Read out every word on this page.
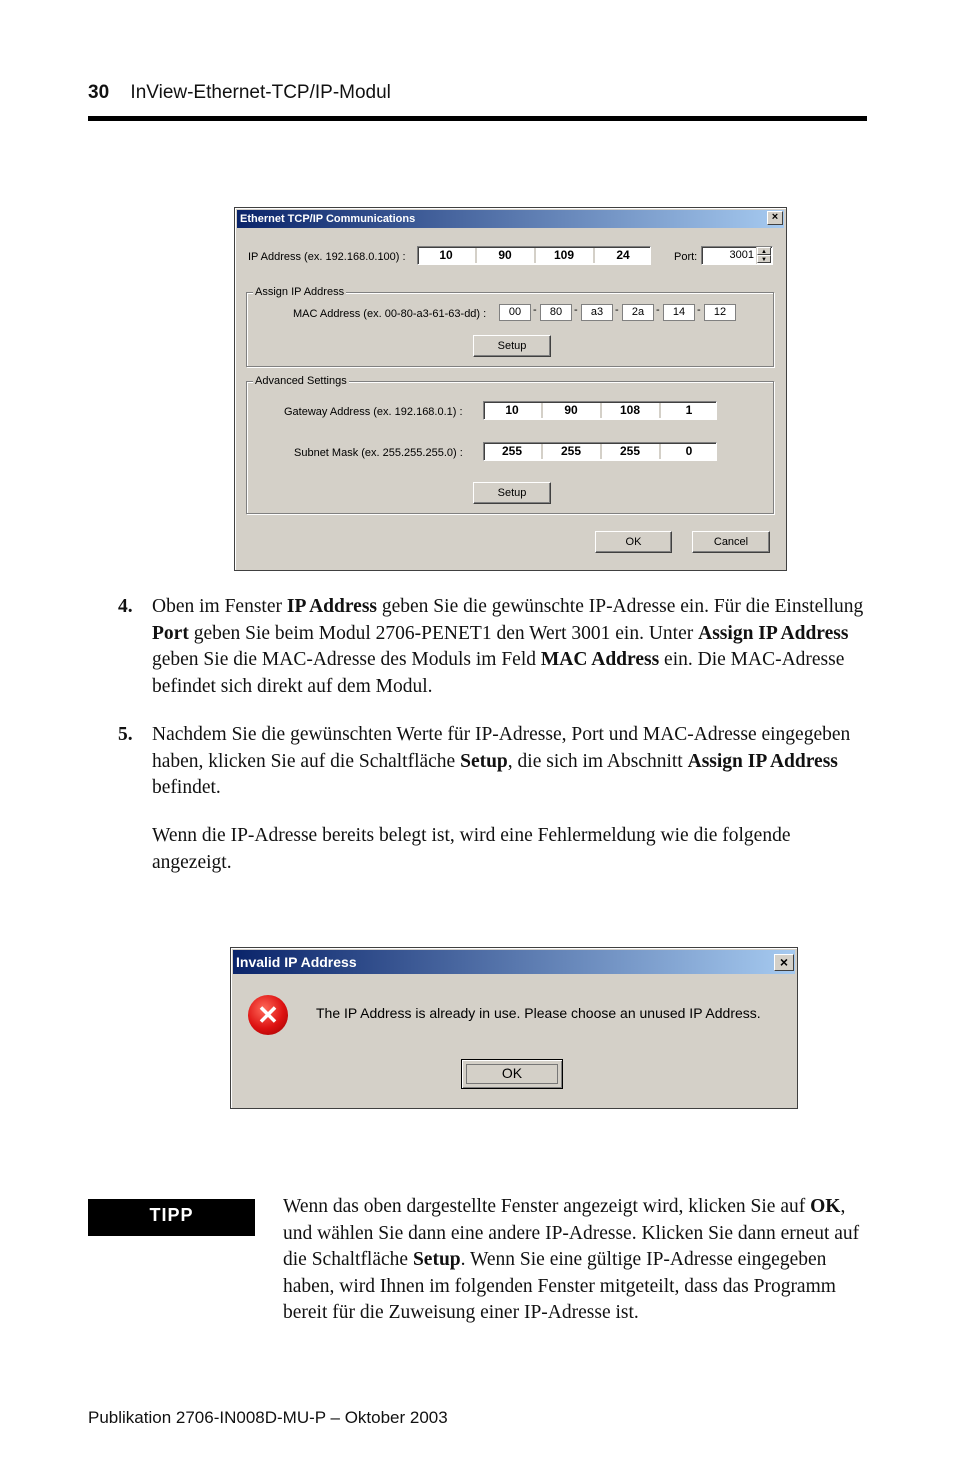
30 InView-Ethernet-TCP/IP-Modul
Ethernet TCP/IP Communications	×
IP Address (ex. 192.168.0.100) :	10	90	109	24	Port:	3001	▲
▼
Assign IP Address
MAC Address (ex. 00-80-a3-61-63-dd) :	00	-	80	-	a3	-	2a	-	14	-	12
Setup
Advanced Settings
Gateway Address (ex. 192.168.0.1) :	10	90	108	1
Subnet Mask (ex. 255.255.255.0) :	255	255	255	0
Setup
OK	Cancel
4. Oben im Fenster IP Address geben Sie die gewünschte IP-Adresse ein. Für die Einstellung Port geben Sie beim Modul 2706-PENET1 den Wert 3001 ein. Unter Assign IP Address geben Sie die MAC-Adresse des Moduls im Feld MAC Address ein. Die MAC-Adresse befindet sich direkt auf dem Modul.
5. Nachdem Sie die gewünschten Werte für IP-Adresse, Port und MAC-Adresse eingegeben haben, klicken Sie auf die Schaltfläche Setup, die sich im Abschnitt Assign IP Address befindet.
Wenn die IP-Adresse bereits belegt ist, wird eine Fehlermeldung wie die folgende angezeigt.
Invalid IP Address	×
✕	The IP Address is already in use. Please choose an unused IP Address.
OK
TIPP	Wenn das oben dargestellte Fenster angezeigt wird, klicken Sie auf OK, und wählen Sie dann eine andere IP-Adresse. Klicken Sie dann erneut auf die Schaltfläche Setup. Wenn Sie eine gültige IP-Adresse eingegeben haben, wird Ihnen im folgenden Fenster mitgeteilt, dass das Programm bereit für die Zuweisung einer IP-Adresse ist.
Publikation 2706-IN008D-MU-P – Oktober 2003
